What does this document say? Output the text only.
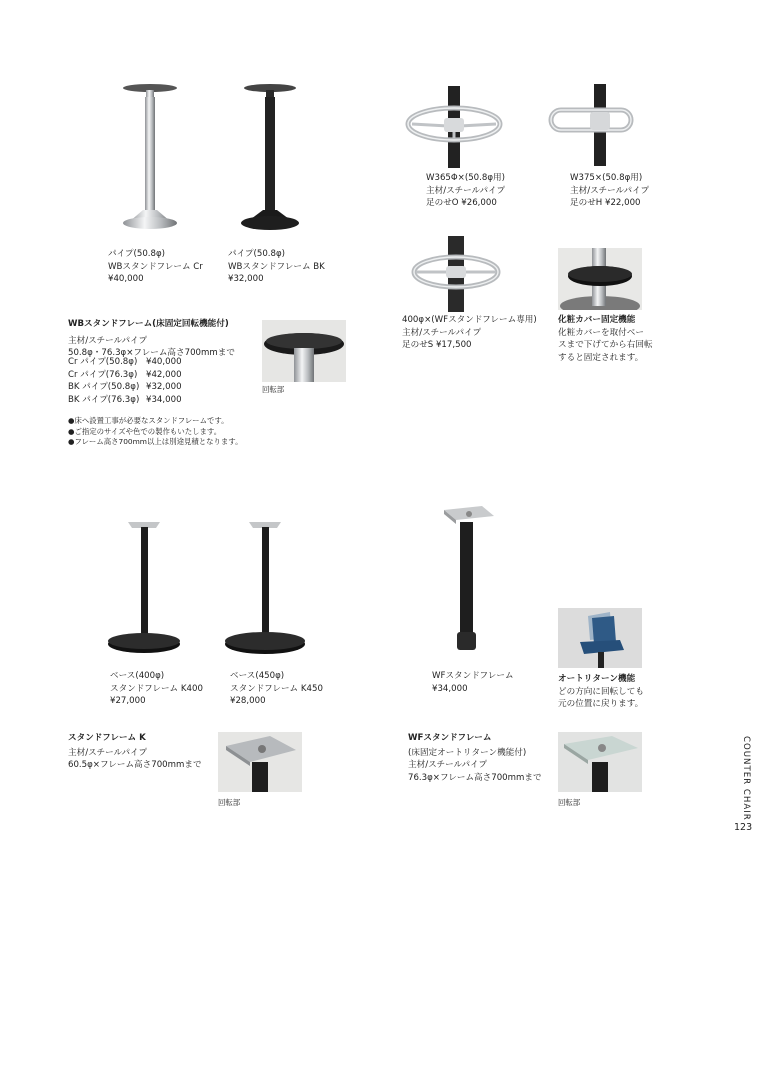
パイプ(50.8φ)
WBスタンドフレーム Cr
¥40,000
パイプ(50.8φ)
WBスタンドフレーム BK
¥32,000
W365Φ×(50.8φ用)
主材/スチールパイプ
足のせO ¥26,000
W375×(50.8φ用)
主材/スチールパイプ
足のせH ¥22,000
400φ×(WFスタンドフレーム専用)
主材/スチールパイプ
足のせS ¥17,500
化粧カバー固定機能
化粧カバーを取付ベー
スまで下げてから右回転
すると固定されます。
WBスタンドフレーム(床固定回転機能付)
主材/スチールパイプ
50.8φ・76.3φ×フレーム高さ700mmまで
Cr パイプ(50.8φ)	¥40,000
Cr パイプ(76.3φ)	¥42,000
BK パイプ(50.8φ) ¥32,000
BK パイプ(76.3φ) ¥34,000
●床へ設置工事が必要なスタンドフレームです。
●ご指定のサイズや色での製作もいたします。
●フレーム高さ700mm以上は別途見積となります。
回転部
ベース(400φ)
スタンドフレーム K400
¥27,000
ベース(450φ)
スタンドフレーム K450
¥28,000
WFスタンドフレーム
¥34,000
オートリターン機能
どの方向に回転しても
元の位置に戻ります。
スタンドフレーム K
主材/スチールパイプ
60.5φ×フレーム高さ700mmまで
回転部
WFスタンドフレーム
(床固定オートリターン機能付)
主材/スチールパイプ
76.3φ×フレーム高さ700mmまで
回転部	COUNTER CHAIR
123
